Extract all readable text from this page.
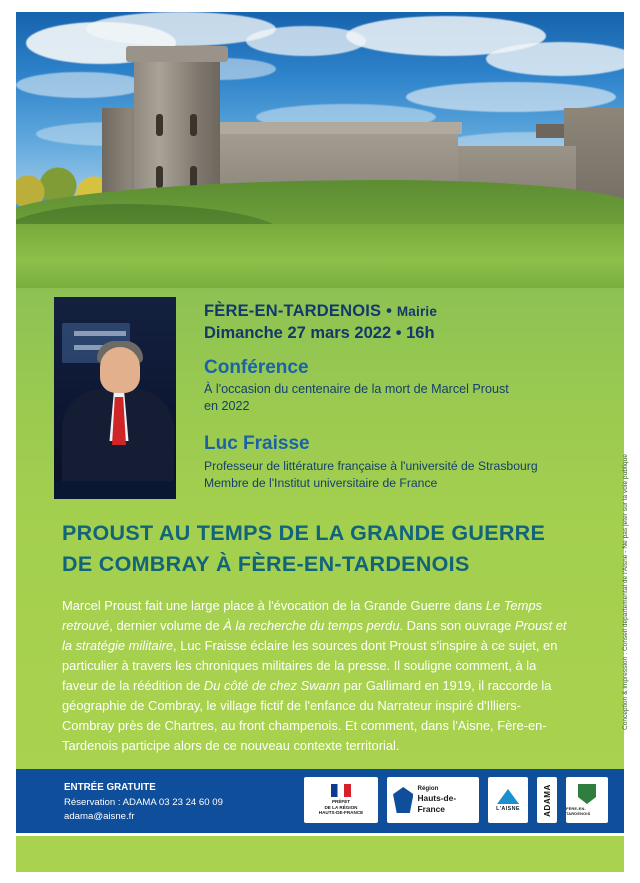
FÈRE-EN-TARDENOIS • Mairie
Dimanche 27 mars 2022 • 16h
Conférence
À l'occasion du centenaire de la mort de Marcel Proust
en 2022
Luc Fraisse
Professeur de littérature française à l'université de Strasbourg
Membre de l'Institut universitaire de France
PROUST AU TEMPS DE LA GRANDE GUERRE
DE COMBRAY À FÈRE-EN-TARDENOIS
Marcel Proust fait une large place à l'évocation de la Grande Guerre dans Le Temps retrouvé, dernier volume de À la recherche du temps perdu. Dans son ouvrage Proust et la stratégie militaire, Luc Fraisse éclaire les sources dont Proust s'inspire à ce sujet, en particulier à travers les chroniques militaires de la presse. Il souligne comment, à la faveur de la réédition de Du côté de chez Swann par Gallimard en 1919, il raccorde la géographie de Combray, le village fictif de l'enfance du Narrateur inspiré d'Illiers-Combray près de Chartres, au front champenois. Et comment, dans l'Aisne, Fère-en-Tardenois participe alors de ce nouveau contexte territorial.
Conception & impression : Conseil départemental de l'Aisne - Ne pas jeter sur la voie publique
ENTRÉE GRATUITE
Réservation : ADAMA 03 23 24 60 09
adama@aisne.fr
PRÉFET
DE LA RÉGION
HAUTS-DE-FRANCE
Région
Hauts-de-France	L'AISNE	ADAMA	FÈRE-EN-TARDENOIS
